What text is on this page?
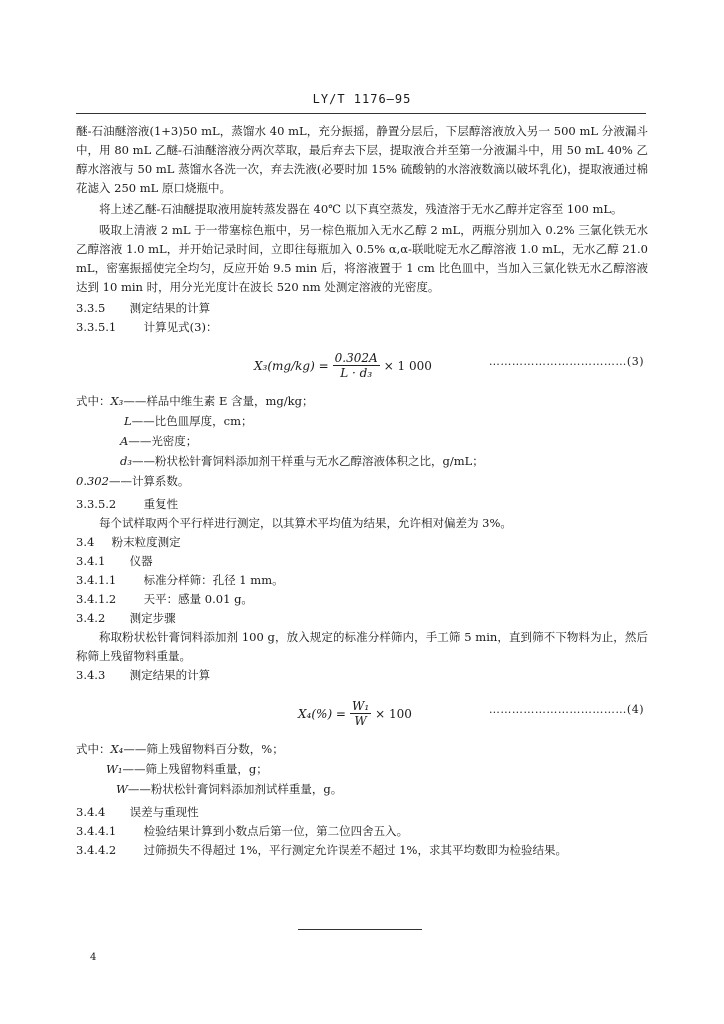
LY/T 1176—95

醚-石油醚溶液(1+3)50 mL，蒸馏水 40 mL，充分振摇，静置分层后，下层醇溶液放入另一 500 mL 分液漏斗中，用 80 mL 乙醚-石油醚溶液分两次萃取，最后弃去下层，提取液合并至第一分液漏斗中，用 50 mL 40% 乙醇水溶液与 50 mL 蒸馏水各洗一次，弃去洗液(必要时加 15% 硫酸钠的水溶液数滴以破坏乳化)，提取液通过棉花滤入 250 mL 原口烧瓶中。

将上述乙醚-石油醚提取液用旋转蒸发器在 40℃ 以下真空蒸发，残渣溶于无水乙醇并定容至 100 mL。

吸取上清液 2 mL 于一带塞棕色瓶中，另一棕色瓶加入无水乙醇 2 mL，两瓶分别加入 0.2% 三氯化铁无水乙醇溶液 1.0 mL，并开始记录时间，立即往每瓶加入 0.5% α,α-联吡啶无水乙醇溶液 1.0 mL，无水乙醇 21.0 mL，密塞振摇使完全均匀，反应开始 9.5 min 后，将溶液置于 1 cm 比色皿中，当加入三氯化铁无水乙醇溶液达到 10 min 时，用分光光度计在波长 520 nm 处测定溶液的光密度。

3.3.5 测定结果的计算

3.3.5.1 计算见式(3)：

$X_3(mg/kg) = \frac{0.302A}{\text{L · d₃}} \times 1$ 000	………………………………(3)
式中：X₃——样品中维生素 E 含量，mg/kg；
L——比色皿厚度，cm；
A——光密度；
d₃——粉状松针膏饲料添加剂干样重与无水乙醇溶液体积之比，g/mL；
0.302——计算系数。

3.3.5.2 重复性

每个试样取两个平行样进行测定，以其算术平均值为结果，允许相对偏差为 3%。

3.4 粉末粒度测定

3.4.1 仪器

3.4.1.1 标准分样筛：孔径 1 mm。

3.4.1.2 天平：感量 0.01 g。

3.4.2 测定步骤

称取粉状松针膏饲料添加剂 100 g，放入规定的标准分样筛内，手工筛 5 min，直到筛不下物料为止，然后称筛上残留物料重量。

3.4.3 测定结果的计算

$X_4(\%) = \frac{\text{W₁}}{W} \times 100$	………………………………(4)
式中：X₄——筛上残留物料百分数，%；
W₁——筛上残留物料重量，g；
W——粉状松针膏饲料添加剂试样重量，g。

3.4.4 误差与重现性

3.4.4.1 检验结果计算到小数点后第一位，第二位四舍五入。

3.4.4.2 过筛损失不得超过 1%，平行测定允许误差不超过 1%，求其平均数即为检验结果。

4
